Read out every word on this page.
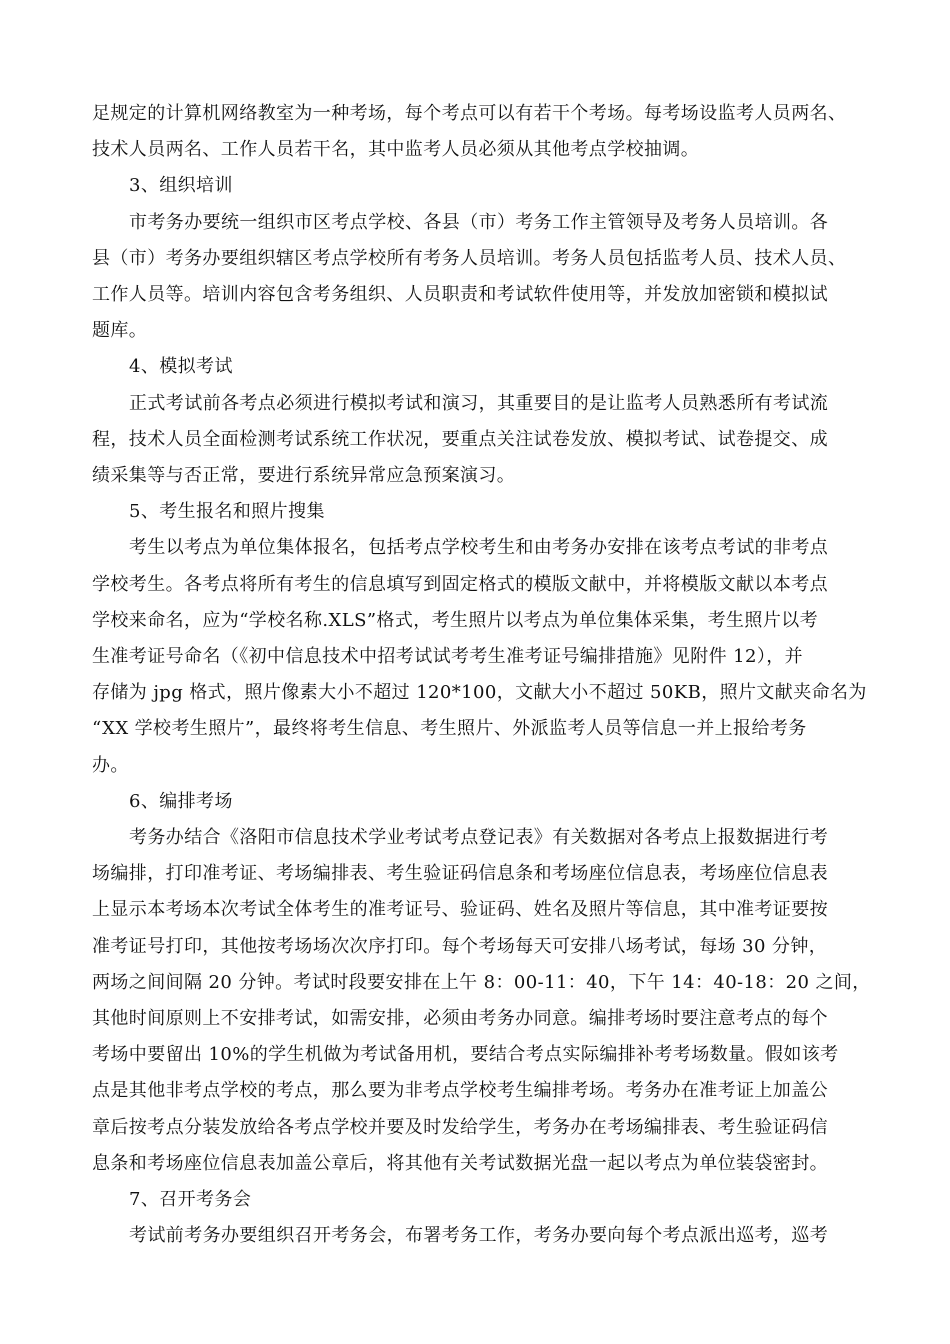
足规定的计算机网络教室为一种考场，每个考点可以有若干个考场。每考场设监考人员两名、
技术人员两名、工作人员若干名，其中监考人员必须从其他考点学校抽调。
3、组织培训
市考务办要统一组织市区考点学校、各县（市）考务工作主管领导及考务人员培训。各
县（市）考务办要组织辖区考点学校所有考务人员培训。考务人员包括监考人员、技术人员、
工作人员等。培训内容包含考务组织、人员职责和考试软件使用等，并发放加密锁和模拟试
题库。
4、模拟考试
正式考试前各考点必须进行模拟考试和演习，其重要目的是让监考人员熟悉所有考试流
程，技术人员全面检测考试系统工作状况，要重点关注试卷发放、模拟考试、试卷提交、成
绩采集等与否正常，要进行系统异常应急预案演习。
5、考生报名和照片搜集
考生以考点为单位集体报名，包括考点学校考生和由考务办安排在该考点考试的非考点
学校考生。各考点将所有考生的信息填写到固定格式的模版文献中，并将模版文献以本考点
学校来命名，应为“学校名称.XLS”格式，考生照片以考点为单位集体采集，考生照片以考
生准考证号命名（《初中信息技术中招考试试考考生准考证号编排措施》见附件 12），并
存储为 jpg 格式，照片像素大小不超过 120*100，文献大小不超过 50KB，照片文献夹命名为
“XX 学校考生照片”，最终将考生信息、考生照片、外派监考人员等信息一并上报给考务
办。
6、编排考场
考务办结合《洛阳市信息技术学业考试考点登记表》有关数据对各考点上报数据进行考
场编排，打印准考证、考场编排表、考生验证码信息条和考场座位信息表，考场座位信息表
上显示本考场本次考试全体考生的准考证号、验证码、姓名及照片等信息，其中准考证要按
准考证号打印，其他按考场场次次序打印。每个考场每天可安排八场考试，每场 30 分钟，
两场之间间隔 20 分钟。考试时段要安排在上午 8：00-11：40，下午 14：40-18：20 之间，
其他时间原则上不安排考试，如需安排，必须由考务办同意。编排考场时要注意考点的每个
考场中要留出 10%的学生机做为考试备用机，要结合考点实际编排补考考场数量。假如该考
点是其他非考点学校的考点，那么要为非考点学校考生编排考场。考务办在准考证上加盖公
章后按考点分装发放给各考点学校并要及时发给学生，考务办在考场编排表、考生验证码信
息条和考场座位信息表加盖公章后，将其他有关考试数据光盘一起以考点为单位装袋密封。
7、召开考务会
考试前考务办要组织召开考务会，布署考务工作，考务办要向每个考点派出巡考，巡考
